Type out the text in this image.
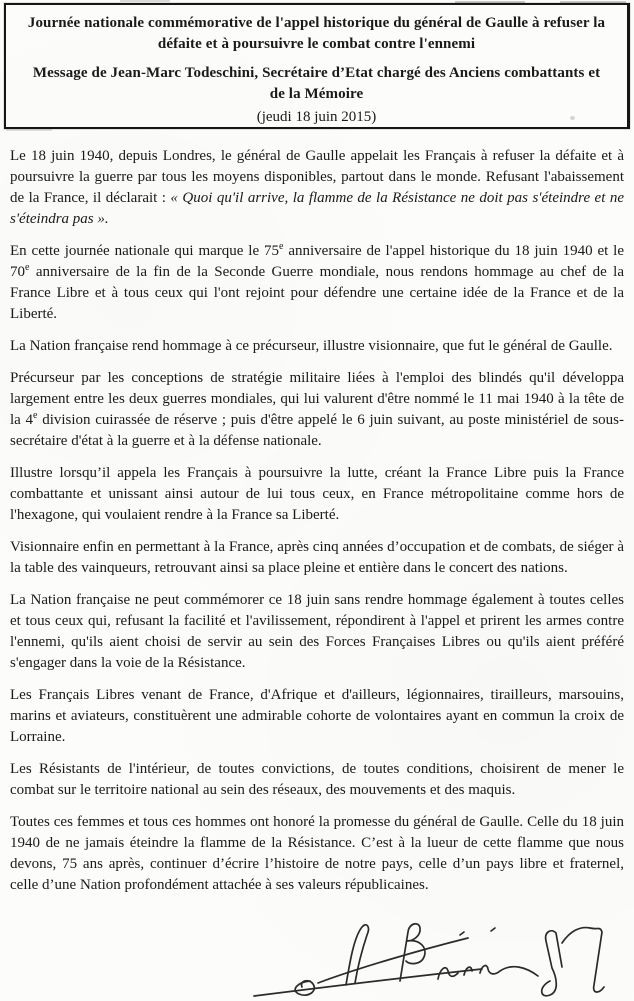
Journée nationale commémorative de l'appel historique du général de Gaulle à refuser la
défaite et à poursuivre le combat contre l'ennemi
Message de Jean-Marc Todeschini, Secrétaire d’Etat chargé des Anciens combattants et
de la Mémoire
(jeudi 18 juin 2015)

Le 18 juin 1940, depuis Londres, le général de Gaulle appelait les Français à refuser la défaite et à poursuivre la guerre par tous les moyens disponibles, partout dans le monde. Refusant l'abaissement de la France, il déclarait : « Quoi qu'il arrive, la flamme de la Résistance ne doit pas s'éteindre et ne s'éteindra pas ».

En cette journée nationale qui marque le 75e anniversaire de l'appel historique du 18 juin 1940 et le 70e anniversaire de la fin de la Seconde Guerre mondiale, nous rendons hommage au chef de la France Libre et à tous ceux qui l'ont rejoint pour défendre une certaine idée de la France et de la Liberté.

La Nation française rend hommage à ce précurseur, illustre visionnaire, que fut le général de Gaulle.

Précurseur par les conceptions de stratégie militaire liées à l'emploi des blindés qu'il développa largement entre les deux guerres mondiales, qui lui valurent d'être nommé le 11 mai 1940 à la tête de la 4e division cuirassée de réserve ; puis d'être appelé le 6 juin suivant, au poste ministériel de sous-secrétaire d'état à la guerre et à la défense nationale.

Illustre lorsqu’il appela les Français à poursuivre la lutte, créant la France Libre puis la France combattante et unissant ainsi autour de lui tous ceux, en France métropolitaine comme hors de l'hexagone, qui voulaient rendre à la France sa Liberté.

Visionnaire enfin en permettant à la France, après cinq années d’occupation et de combats, de siéger à la table des vainqueurs, retrouvant ainsi sa place pleine et entière dans le concert des nations.

La Nation française ne peut commémorer ce 18 juin sans rendre hommage également à toutes celles et tous ceux qui, refusant la facilité et l'avilissement, répondirent à l'appel et prirent les armes contre l'ennemi, qu'ils aient choisi de servir au sein des Forces Françaises Libres ou qu'ils aient préféré s'engager dans la voie de la Résistance.

Les Français Libres venant de France, d'Afrique et d'ailleurs, légionnaires, tirailleurs, marsouins, marins et aviateurs, constituèrent une admirable cohorte de volontaires ayant en commun la croix de Lorraine.

Les Résistants de l'intérieur, de toutes convictions, de toutes conditions, choisirent de mener le combat sur le territoire national au sein des réseaux, des mouvements et des maquis.

Toutes ces femmes et tous ces hommes ont honoré la promesse du général de Gaulle. Celle du 18 juin 1940 de ne jamais éteindre la flamme de la Résistance. C’est à la lueur de cette flamme que nous devons, 75 ans après, continuer d’écrire l’histoire de notre pays, celle d’un pays libre et fraternel, celle d’une Nation profondément attachée à ses valeurs républicaines.
